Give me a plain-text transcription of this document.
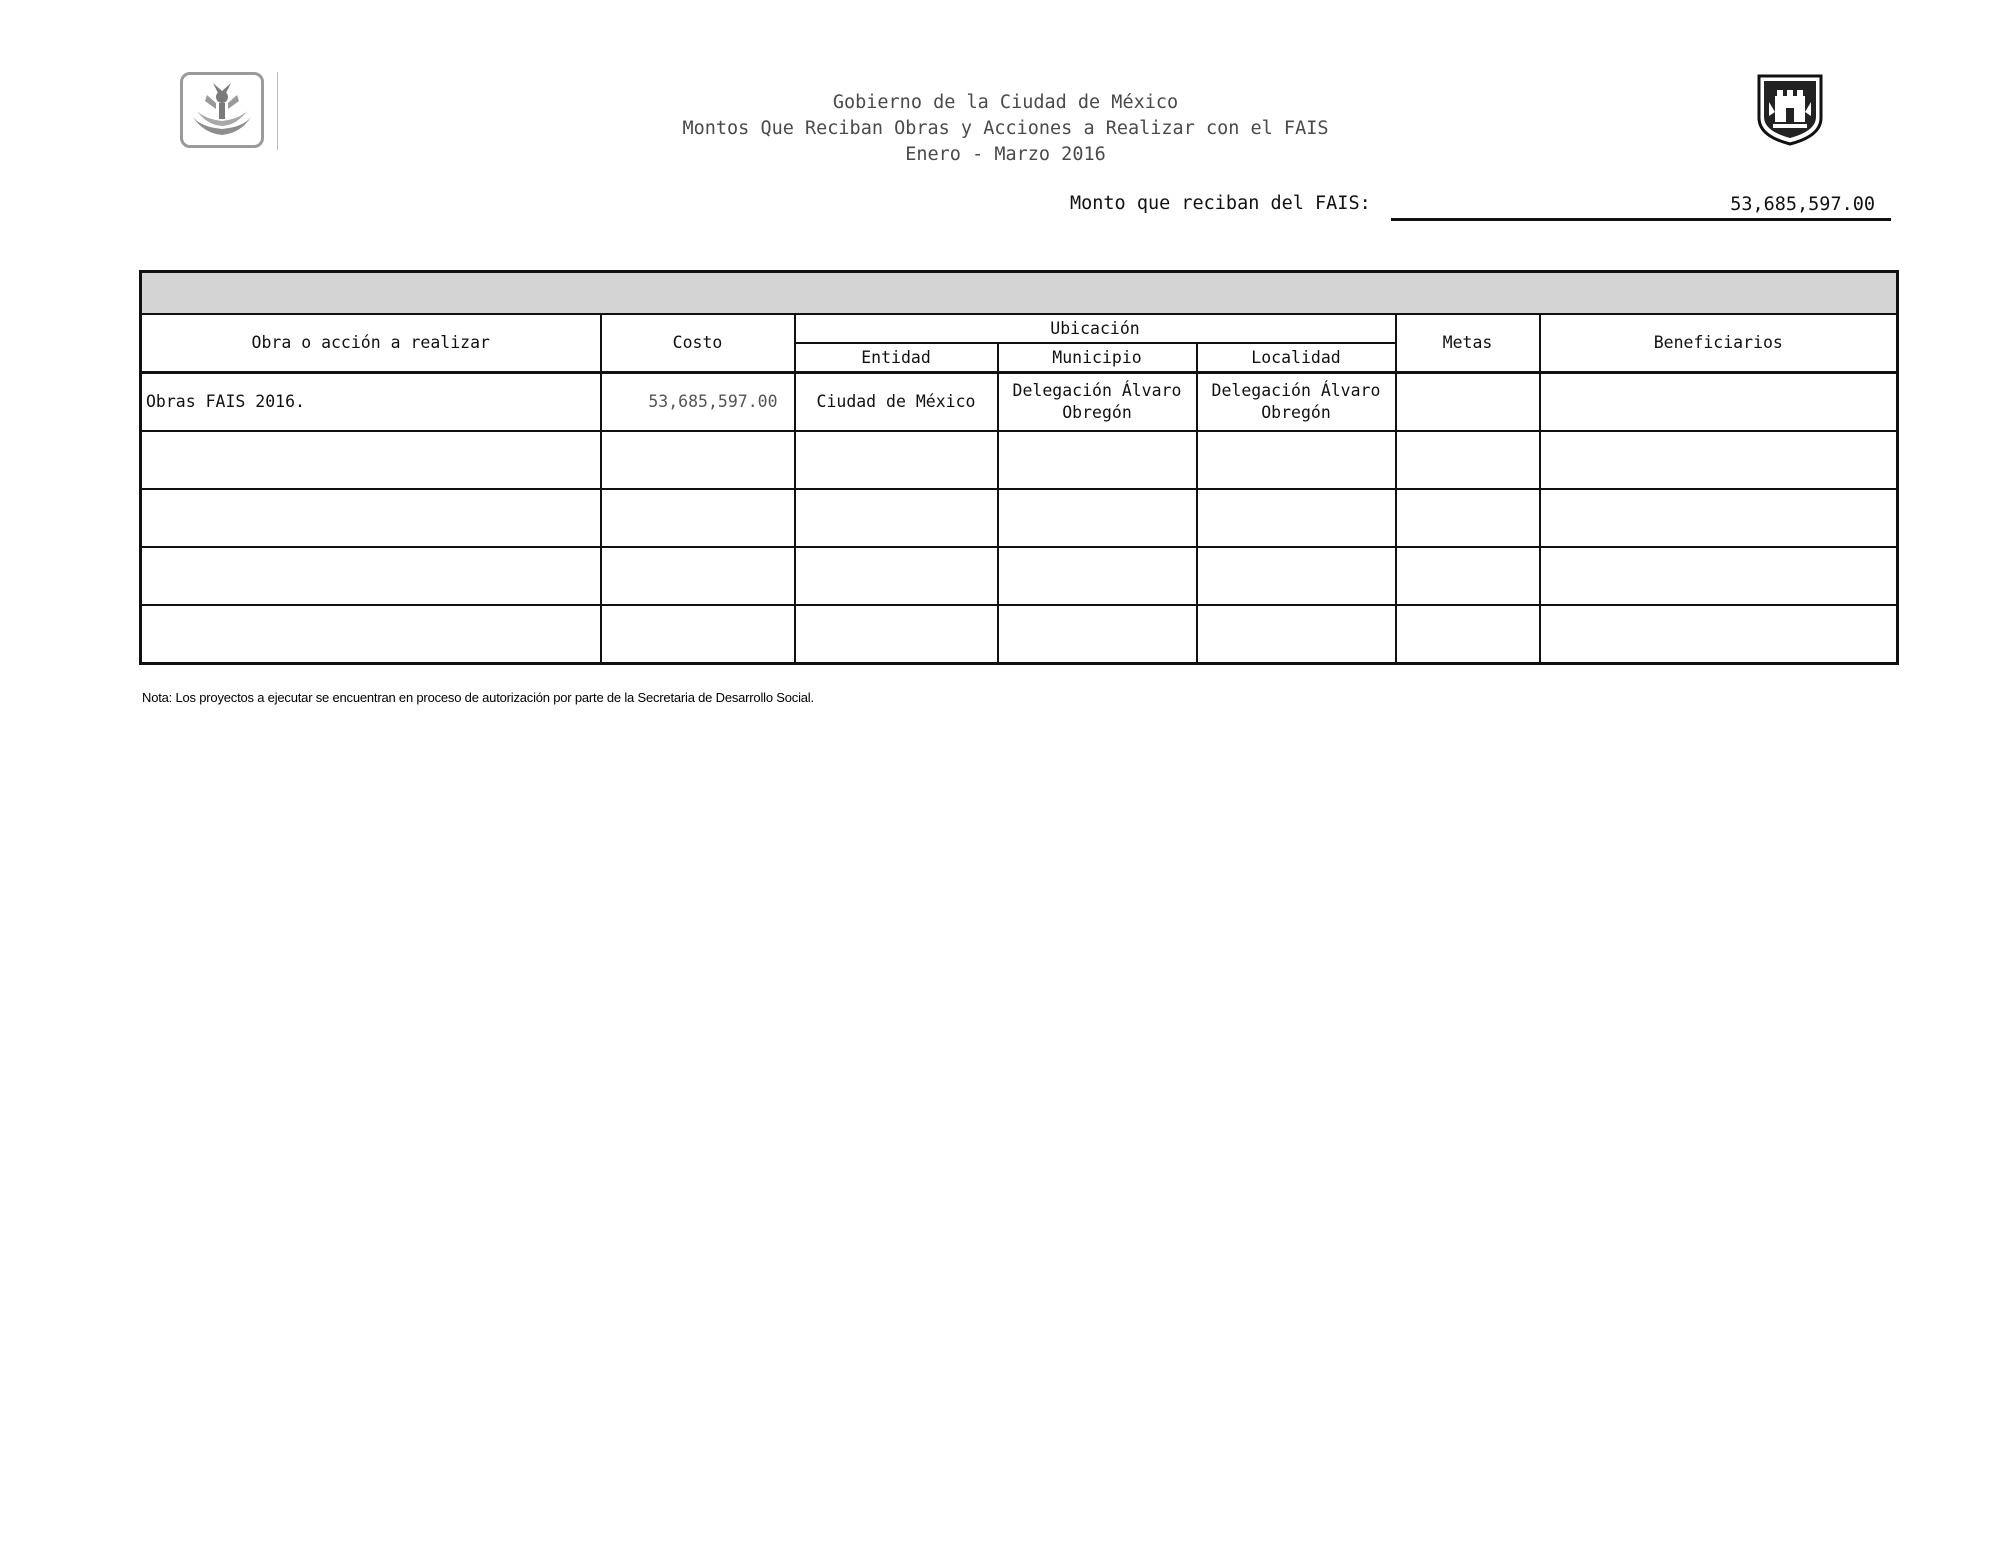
Gobierno de la Ciudad de México
Montos Que Reciban Obras y Acciones a Realizar con el FAIS
Enero - Marzo 2016
Monto que reciban del FAIS:	53,685,597.00

Obra o acción a realizar	Costo	Ubicación			Metas	Beneficiarios
		Entidad	Municipio	Localidad		
Obras FAIS 2016.	53,685,597.00	Ciudad de México	Delegación Álvaro Obregón	Delegación Álvaro Obregón		

Nota: Los proyectos a ejecutar se encuentran en proceso de autorización por parte de la Secretaria de Desarrollo Social.
